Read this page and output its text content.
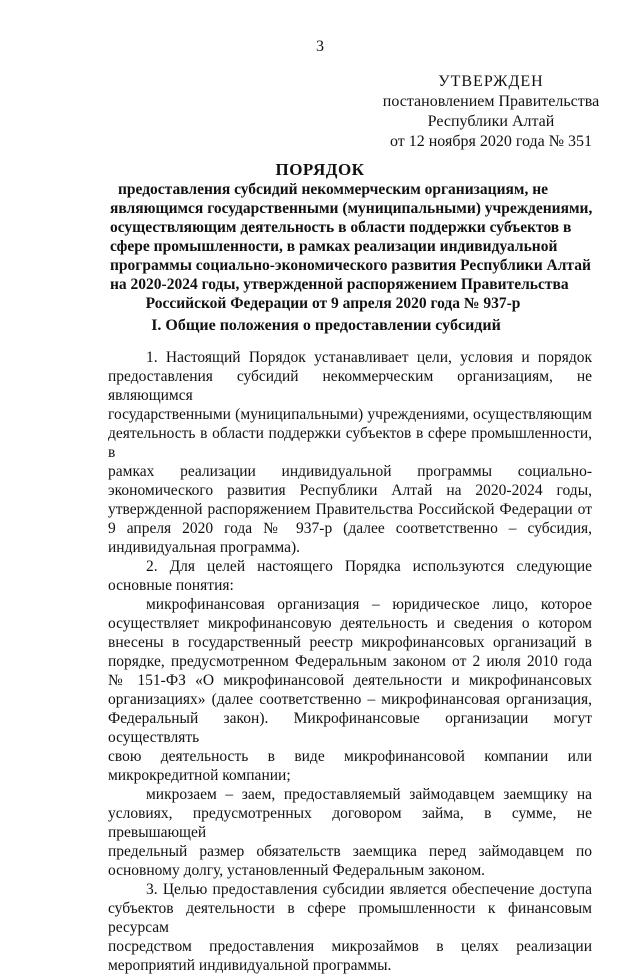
3
УТВЕРЖДЕН
постановлением Правительства
Республики Алтай
от 12 ноября 2020 года № 351
ПОРЯДОК
предоставления субсидий некоммерческим организациям, не
являющимся государственными (муниципальными) учреждениями,
осуществляющим деятельность в области поддержки субъектов в
сфере промышленности, в рамках реализации индивидуальной
программы социально-экономического развития Республики Алтай
на 2020-2024 годы, утвержденной распоряжением Правительства
Российской Федерации от 9 апреля 2020 года № 937-р
I. Общие положения о предоставлении субсидий
1. Настоящий Порядок устанавливает цели, условия и порядок
предоставления субсидий некоммерческим организациям, не являющимся
государственными (муниципальными) учреждениями, осуществляющим
деятельность в области поддержки субъектов в сфере промышленности, в
рамках реализации индивидуальной программы социально-
экономического развития Республики Алтай на 2020-2024 годы,
утвержденной распоряжением Правительства Российской Федерации от
9 апреля 2020 года № 937-р (далее соответственно – субсидия,
индивидуальная программа).
2. Для целей настоящего Порядка используются следующие
основные понятия:
микрофинансовая организация – юридическое лицо, которое
осуществляет микрофинансовую деятельность и сведения о котором
внесены в государственный реестр микрофинансовых организаций в
порядке, предусмотренном Федеральным законом от 2 июля 2010 года
№ 151-ФЗ «О микрофинансовой деятельности и микрофинансовых
организациях» (далее соответственно – микрофинансовая организация,
Федеральный закон). Микрофинансовые организации могут осуществлять
свою деятельность в виде микрофинансовой компании или
микрокредитной компании;
микрозаем – заем, предоставляемый займодавцем заемщику на
условиях, предусмотренных договором займа, в сумме, не превышающей
предельный размер обязательств заемщика перед займодавцем по
основному долгу, установленный Федеральным законом.
3. Целью предоставления субсидии является обеспечение доступа
субъектов деятельности в сфере промышленности к финансовым ресурсам
посредством предоставления микрозаймов в целях реализации
мероприятий индивидуальной программы.
